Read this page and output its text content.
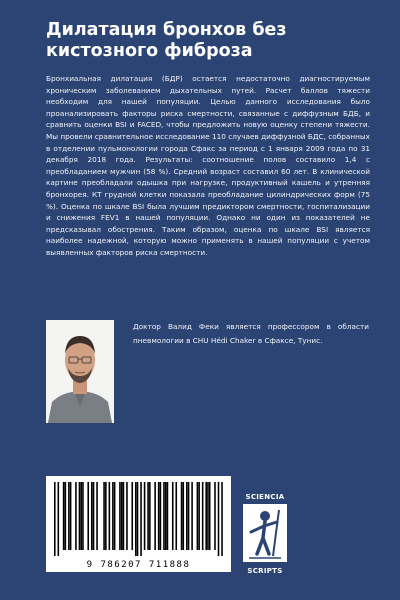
Дилатация бронхов без кистозного фиброза

Бронхиальная дилатация (БДР) остается недостаточно диагностируемым хроническим заболеванием дыхательных путей. Расчет баллов тяжести необходим для нашей популяции. Целью данного исследования было проанализировать факторы риска смертности, связанные с диффузным БДБ, и сравнить оценки BSI и FACED, чтобы предложить новую оценку степени тяжести. Мы провели сравнительное исследование 110 случаев диффузной БДС, собранных в отделении пульмонологии города Сфакс за период с 1 января 2009 года по 31 декабря 2018 года. Результаты: соотношение полов составило 1,4 с преобладанием мужчин (58 %). Средний возраст составил 60 лет. В клинической картине преобладали одышка при нагрузке, продуктивный кашель и утренняя бронхорея. КТ грудной клетки показала преобладание цилиндрических форм (75 %). Оценка по шкале BSI была лучшим предиктором смертности, госпитализации и снижения FEV1 в нашей популяции. Однако ни один из показателей не предсказывал обострения. Таким образом, оценка по шкале BSI является наиболее надежной, которую можно применять в нашей популяции с учетом выявленных факторов риска смертности.

Доктор Валид Феки является профессором в области пневмологии в CHU Hédi Chaker в Сфаксе, Тунис.

9 786207 711888
SCIENCIA
SCRIPTS
